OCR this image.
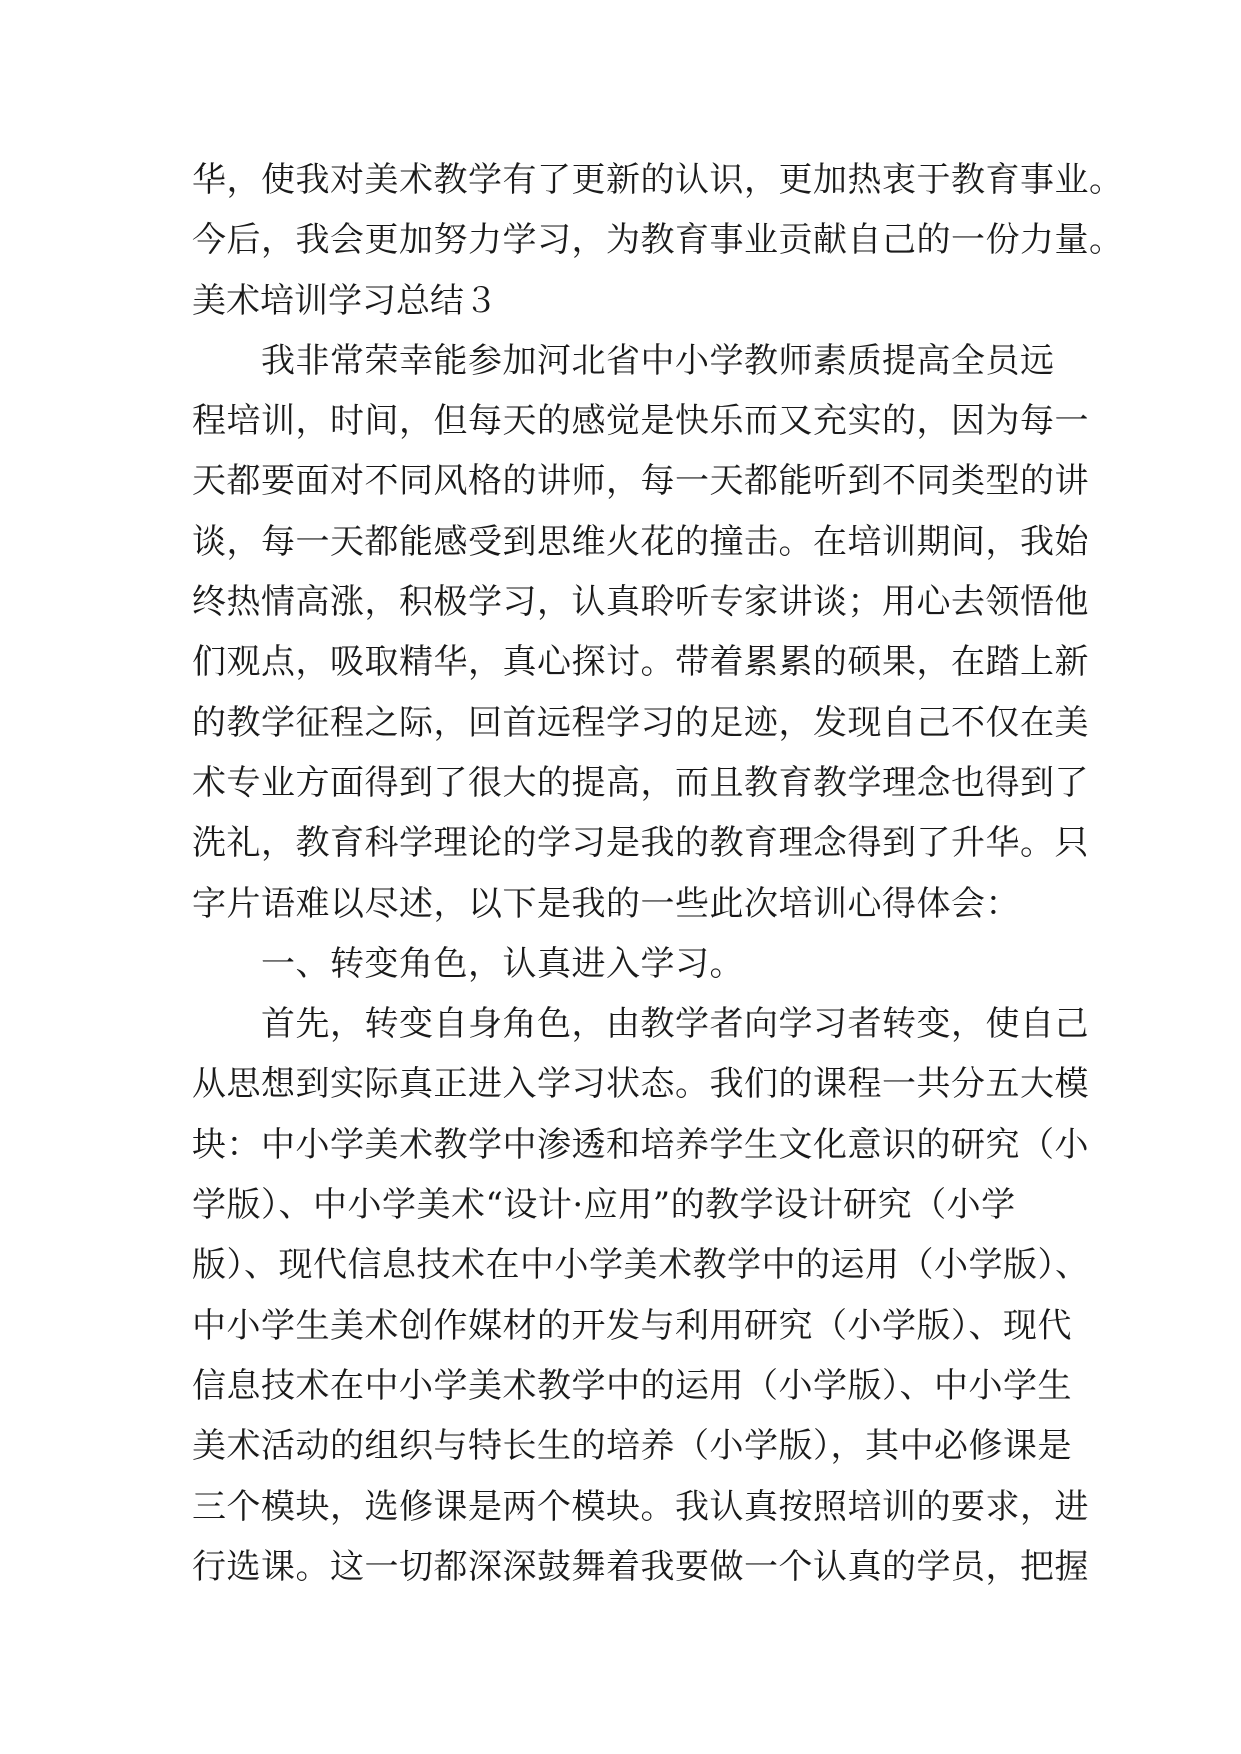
华，使我对美术教学有了更新的认识，更加热衷于教育事业。
今后，我会更加努力学习，为教育事业贡献自己的一份力量。
美术培训学习总结３
我非常荣幸能参加河北省中小学教师素质提高全员远
程培训，时间，但每天的感觉是快乐而又充实的，因为每一
天都要面对不同风格的讲师，每一天都能听到不同类型的讲
谈，每一天都能感受到思维火花的撞击。在培训期间，我始
终热情高涨，积极学习，认真聆听专家讲谈；用心去领悟他
们观点，吸取精华，真心探讨。带着累累的硕果，在踏上新
的教学征程之际，回首远程学习的足迹，发现自己不仅在美
术专业方面得到了很大的提高，而且教育教学理念也得到了
洗礼，教育科学理论的学习是我的教育理念得到了升华。只
字片语难以尽述，以下是我的一些此次培训心得体会：
一、转变角色，认真进入学习。
首先，转变自身角色，由教学者向学习者转变，使自己
从思想到实际真正进入学习状态。我们的课程一共分五大模
块：中小学美术教学中渗透和培养学生文化意识的研究（小
学版）、中小学美术“设计·应用”的教学设计研究（小学
版）、现代信息技术在中小学美术教学中的运用（小学版）、
中小学生美术创作媒材的开发与利用研究（小学版）、现代
信息技术在中小学美术教学中的运用（小学版）、中小学生
美术活动的组织与特长生的培养（小学版），其中必修课是
三个模块，选修课是两个模块。我认真按照培训的要求，进
行选课。这一切都深深鼓舞着我要做一个认真的学员，把握
